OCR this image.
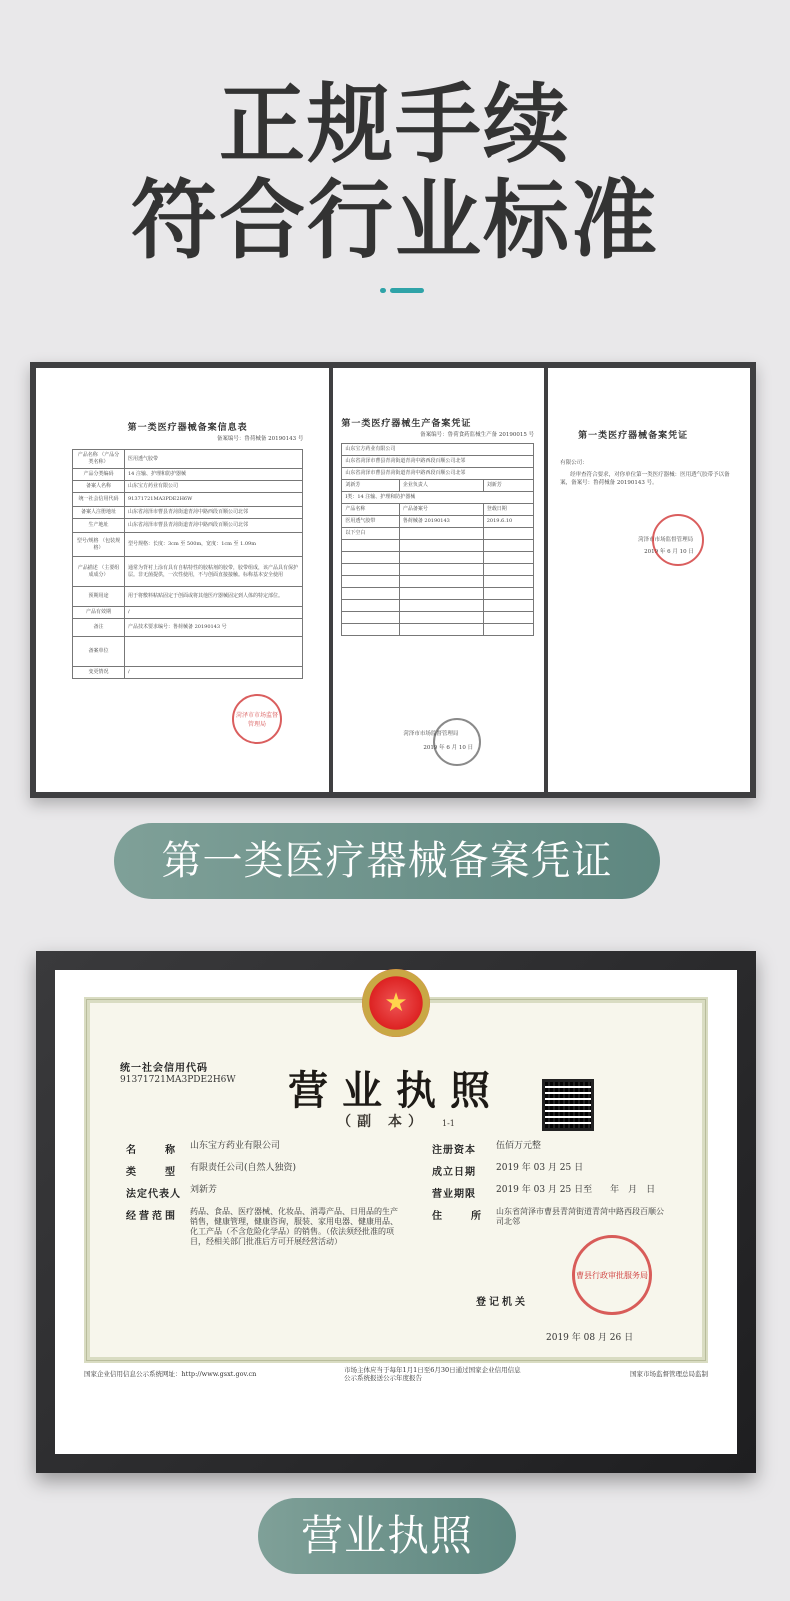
正规手续
符合行业标准
第一类医疗器械备案信息表
备案编号：鲁荷械备 20190143 号
产品名称 （产品分类名称）	医用透气胶带
产品分类编码	14 注输、护理和防护器械
备案人名称	山东宝方药业有限公司
统一社会信用代码	91371721MA3PDE2H6W
备案人注册地址	山东省菏泽市曹县青菏街道青菏中路西段百顺公司北邻
生产地址	山东省菏泽市曹县青菏街道青菏中路西段百顺公司北邻
型号/规格 （包装规格）	型号规格：长度：3cm 至 500m，宽度：1cm 至 1.09m
产品描述 （主要组成成分）	通常为背衬上涂有具有自粘特性的胶粘剂的胶带，胶带组成，该产品具有保护层。非无菌提供，一次性使用，不与创面直接接触。标称基本安全使用
预期用途	用于将敷料粘贴固定于创面或将其他医疗器械固定到人体的特定部位。
产品有效期	/
备注	产品技术要求编号：鲁荷械备 20190143 号
备案单位	
变更情况	/
菏泽市市场监督管理局
第一类医疗器械生产备案凭证
备案编号：鲁荷食药监械生产备 20190015 号
山东宝方药业有限公司		
山东省菏泽市曹县青菏街道青菏中路西段百顺公司北邻		
山东省菏泽市曹县青菏街道青菏中路西段百顺公司北邻		
刘新芳	企业负责人	刘新芳
Ⅰ类：14 注输、护理和防护器械		
产品名称	产品备案号	登载日期
医用透气胶带	鲁荷械备 20190143	2019.6.10
以下空白		

菏泽市市场监督管理局
2019 年 6 月 10 日
第一类医疗器械备案凭证
有限公司：
经审查符合要求，对你单位第一类医疗器械：医用透气胶带予以备案，备案号：鲁荷械备 20190143 号。
菏泽市市场监督管理局
2019 年 6 月 10 日
第一类医疗器械备案凭证
★
统一社会信用代码
91371721MA3PDE2H6W	营业执照
（副 本） 1-1
名　　称 山东宝方药业有限公司
类　　型 有限责任公司(自然人独资)
法定代表人 刘新芳
经营范围 药品、食品、医疗器械、化妆品、消毒产品、日用品的生产销售，健康管理，健康咨询，服装、家用电器、健康用品、化工产品（不含危险化学品）的销售。（依法须经批准的项目，经相关部门批准后方可开展经营活动）
注册资本 伍佰万元整
成立日期 2019 年 03 月 25 日
营业期限 2019 年 03 月 25 日至　　年　月　日
住　　所 山东省菏泽市曹县青菏街道青菏中路西段百顺公司北邻
曹县行政审批服务局
登记机关
2019 年 08 月 26 日
国家企业信用信息公示系统网址：http://www.gsxt.gov.cn	市场主体应当于每年1月1日至6月30日通过国家企业信用信息公示系统报送公示年度报告	国家市场监督管理总局监制
营业执照
